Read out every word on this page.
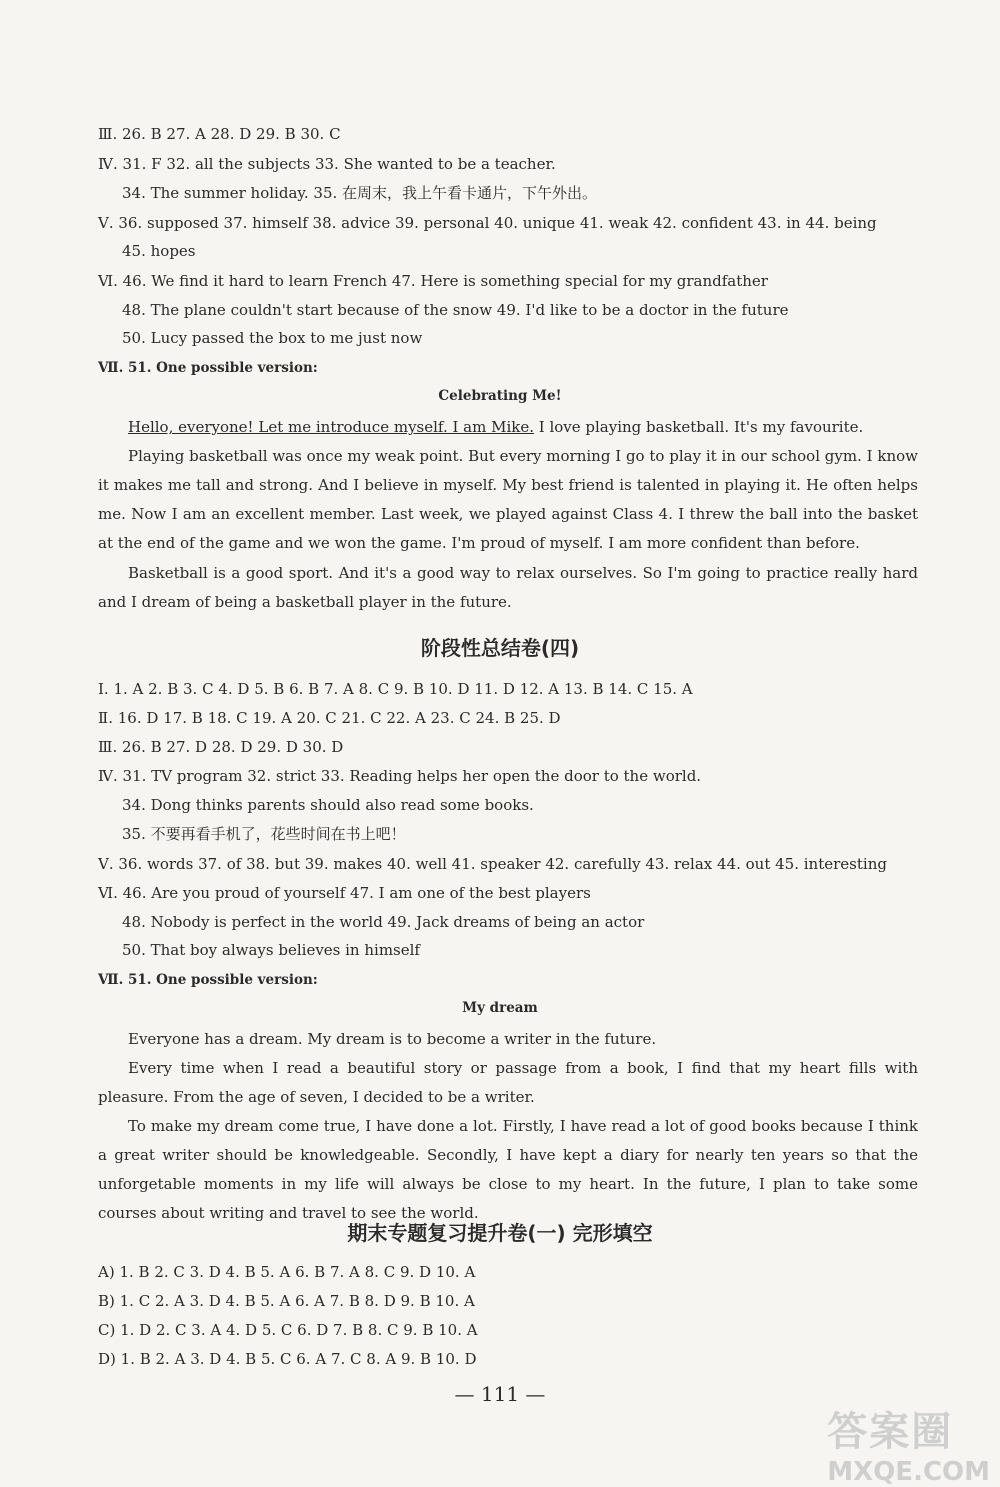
Ⅲ. 26. B 27. A 28. D 29. B 30. C
Ⅳ. 31. F 32. all the subjects 33. She wanted to be a teacher.
34. The summer holiday. 35. 在周末，我上午看卡通片，下午外出。
Ⅴ. 36. supposed 37. himself 38. advice 39. personal 40. unique 41. weak 42. confident 43. in 44. being
45. hopes
Ⅵ. 46. We find it hard to learn French 47. Here is something special for my grandfather
48. The plane couldn't start because of the snow 49. I'd like to be a doctor in the future
50. Lucy passed the box to me just now
Ⅶ. 51. One possible version:
Celebrating Me!
Hello, everyone! Let me introduce myself. I am Mike. I love playing basketball. It's my favourite.
Playing basketball was once my weak point. But every morning I go to play it in our school gym. I know it makes me tall and strong. And I believe in myself. My best friend is talented in playing it. He often helps me. Now I am an excellent member. Last week, we played against Class 4. I threw the ball into the basket at the end of the game and we won the game. I'm proud of myself. I am more confident than before.
Basketball is a good sport. And it's a good way to relax ourselves. So I'm going to practice really hard and I dream of being a basketball player in the future.
阶段性总结卷(四)
Ⅰ. 1. A 2. B 3. C 4. D 5. B 6. B 7. A 8. C 9. B 10. D 11. D 12. A 13. B 14. C 15. A
Ⅱ. 16. D 17. B 18. C 19. A 20. C 21. C 22. A 23. C 24. B 25. D
Ⅲ. 26. B 27. D 28. D 29. D 30. D
Ⅳ. 31. TV program 32. strict 33. Reading helps her open the door to the world.
34. Dong thinks parents should also read some books.
35. 不要再看手机了，花些时间在书上吧！
Ⅴ. 36. words 37. of 38. but 39. makes 40. well 41. speaker 42. carefully 43. relax 44. out 45. interesting
Ⅵ. 46. Are you proud of yourself 47. I am one of the best players
48. Nobody is perfect in the world 49. Jack dreams of being an actor
50. That boy always believes in himself
Ⅶ. 51. One possible version:
My dream
Everyone has a dream. My dream is to become a writer in the future.
Every time when I read a beautiful story or passage from a book, I find that my heart fills with pleasure. From the age of seven, I decided to be a writer.
To make my dream come true, I have done a lot. Firstly, I have read a lot of good books because I think a great writer should be knowledgeable. Secondly, I have kept a diary for nearly ten years so that the unforgetable moments in my life will always be close to my heart. In the future, I plan to take some courses about writing and travel to see the world.
期末专题复习提升卷(一) 完形填空
A) 1. B 2. C 3. D 4. B 5. A 6. B 7. A 8. C 9. D 10. A
B) 1. C 2. A 3. D 4. B 5. A 6. A 7. B 8. D 9. B 10. A
C) 1. D 2. C 3. A 4. D 5. C 6. D 7. B 8. C 9. B 10. A
D) 1. B 2. A 3. D 4. B 5. C 6. A 7. C 8. A 9. B 10. D
— 111 —
答案圈
MXQE.COM
